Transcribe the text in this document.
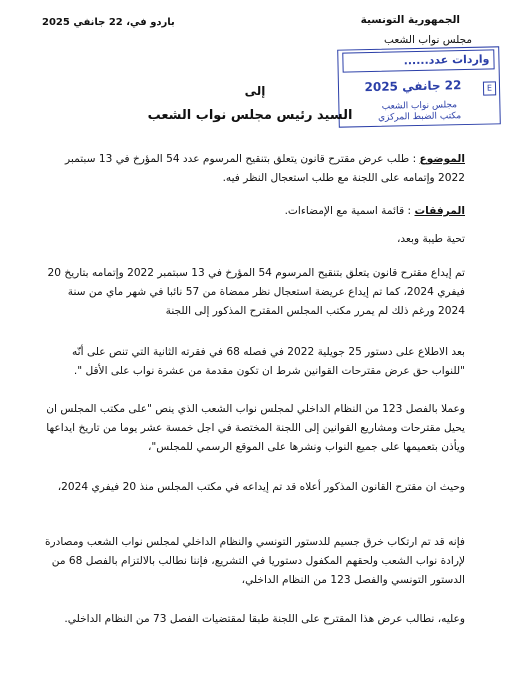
الجمهورية التونسية
مجلس نواب الشعب
باردو في، 22 جانفي 2025
واردات عدد......
22 جانفي 2025	E
مجلس نواب الشعب
مكتب الضبط المركزي
إلى
السيد رئيس مجلس نواب الشعب

الموضوع : طلب عرض مقترح قانون يتعلق بتنقيح المرسوم عدد 54 المؤرخ في 13 سبتمبر 2022 وإتمامه على اللجنة مع طلب استعجال النظر فيه.

المرفقات : قائمة اسمية مع الإمضاءات.

تحية طيبة وبعد،
تم إيداع مقترح قانون يتعلق بتنقيح المرسوم 54 المؤرخ في 13 سبتمبر 2022 وإتمامه بتاريخ 20 فيفري 2024، كما تم إيداع عريضة استعجال نظر ممضاة من 57 نائبا في شهر ماي من سنة 2024 ورغم ذلك لم يمرر مكتب المجلس المقترح المذكور إلى اللجنة
بعد الاطلاع على دستور 25 جويلية 2022 في فصله 68 في فقرته الثانية التي تنص على أنّه "للنواب حق عرض مقترحات القوانين شرط ان تكون مقدمة من عشرة نواب على الأقل ".
وعملا بالفصل 123 من النظام الداخلي لمجلس نواب الشعب الذي ينص "على مكتب المجلس ان يحيل مقترحات ومشاريع القوانين إلى اللجنة المختصة في اجل خمسة عشر يوما من تاريخ ايداعها ويأذن بتعميمها على جميع النواب ونشرها على الموقع الرسمي للمجلس"،
وحيث ان مقترح القانون المذكور أعلاه قد تم إيداعه في مكتب المجلس منذ 20 فيفري 2024،
فإنه قد تم ارتكاب خرق جسيم للدستور التونسي والنظام الداخلي لمجلس نواب الشعب ومصادرة لإرادة نواب الشعب ولحقهم المكفول دستوريا في التشريع، فإننا نطالب بالالتزام بالفصل 68 من الدستور التونسي والفصل 123 من النظام الداخلي،
وعليه، نطالب عرض هذا المقترح على اللجنة طبقا لمقتضيات الفصل 73 من النظام الداخلي.
